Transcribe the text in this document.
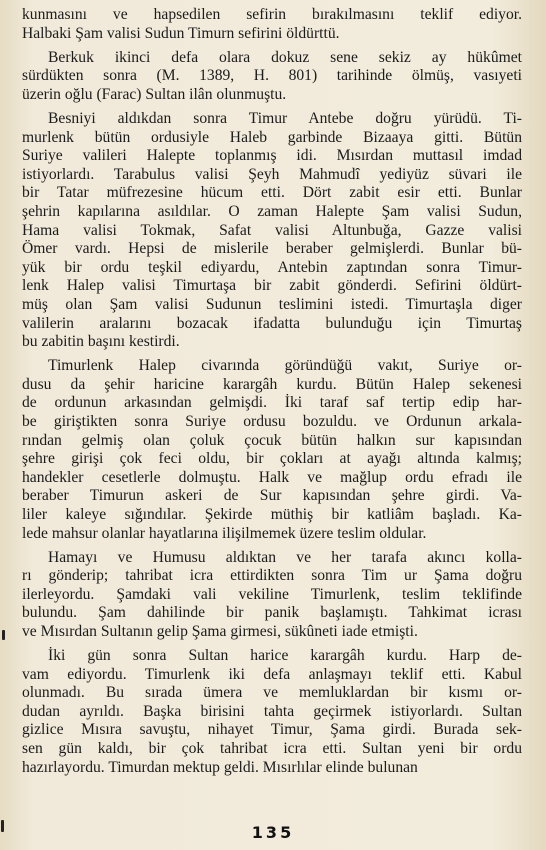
kunmasını ve hapsedilen sefirin bırakılmasını teklif ediyor.
Halbaki Şam valisi Sudun Timurn sefirini öldürttü.
Berkuk ikinci defa olara dokuz sene sekiz ay hükûmet
sürdükten sonra (M. 1389, H. 801) tarihinde ölmüş, vasıyeti
üzerin oğlu (Farac) Sultan ilân olunmuştu.
Besniyi aldıkdan sonra Timur Antebe doğru yürüdü. Ti-
murlenk bütün ordusiyle Haleb garbinde Bizaaya gitti. Bütün
Suriye valileri Halepte toplanmış idi. Mısırdan muttasıl imdad
istiyorlardı. Tarabulus valisi Şeyh Mahmudî yediyüz süvari ile
bir Tatar müfrezesine hücum etti. Dört zabit esir etti. Bunlar
şehrin kapılarına asıldılar. O zaman Halepte Şam valisi Sudun,
Hama valisi Tokmak, Safat valisi Altunbuğa, Gazze valisi
Ömer vardı. Hepsi de mislerile beraber gelmişlerdi. Bunlar bü-
yük bir ordu teşkil ediyardu, Antebin zaptından sonra Timur-
lenk Halep valisi Timurtaşa bir zabit gönderdi. Sefirini öldürt-
müş olan Şam valisi Sudunun teslimini istedi. Timurtaşla diger
valilerin aralarını bozacak ifadatta bulunduğu için Timurtaş
bu zabitin başını kestirdi.
Timurlenk Halep civarında göründüğü vakıt, Suriye or-
dusu da şehir haricine karargâh kurdu. Bütün Halep sekenesi
de ordunun arkasından gelmişdi. İki taraf saf tertip edip har-
be giriştikten sonra Suriye ordusu bozuldu. ve Ordunun arkala-
rından gelmiş olan çoluk çocuk bütün halkın sur kapısından
şehre girişi çok feci oldu, bir çokları at ayağı altında kalmış;
handekler cesetlerle dolmuştu. Halk ve mağlup ordu efradı ile
beraber Timurun askeri de Sur kapısından şehre girdi. Va-
liler kaleye sığındılar. Şekirde müthiş bir katliâm başladı. Ka-
lede mahsur olanlar hayatlarına ilişilmemek üzere teslim oldular.
Hamayı ve Humusu aldıktan ve her tarafa akıncı kolla-
rı gönderip; tahribat icra ettirdikten sonra Tim ur Şama doğru
ilerleyordu. Şamdaki vali vekiline Timurlenk, teslim teklifinde
bulundu. Şam dahilinde bir panik başlamıştı. Tahkimat icrası
ve Mısırdan Sultanın gelip Şama girmesi, sükûneti iade etmişti.
İki gün sonra Sultan harice karargâh kurdu. Harp de-
vam ediyordu. Timurlenk iki defa anlaşmayı teklif etti. Kabul
olunmadı. Bu sırada ümera ve memluklardan bir kısmı or-
dudan ayrıldı. Başka birisini tahta geçirmek istiyorlardı. Sultan
gizlice Mısıra savuştu, nihayet Timur, Şama girdi. Burada sek-
sen gün kaldı, bir çok tahribat icra etti. Sultan yeni bir ordu
hazırlayordu. Timurdan mektup geldi. Mısırlılar elinde bulunan
135
